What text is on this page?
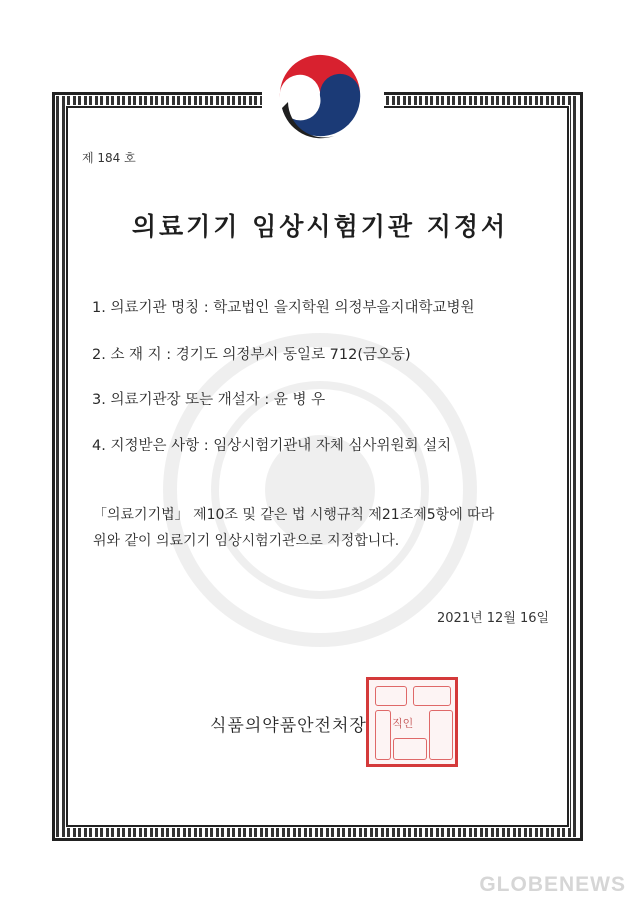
제 184 호
의료기기 임상시험기관 지정서
1. 의료기관 명칭 : 학교법인 을지학원 의정부을지대학교병원
2. 소 재 지 : 경기도 의정부시 동일로 712(금오동)
3. 의료기관장 또는 개설자 : 윤 병 우
4. 지정받은 사항 : 임상시험기관내 자체 심사위원회 설치
「의료기기법」 제10조 및 같은 법 시행규칙 제21조제5항에 따라
위와 같이 의료기기 임상시험기관으로 지정합니다.
2021년 12월 16일
식품의약품안전처장 직인
GLOBENEWS
